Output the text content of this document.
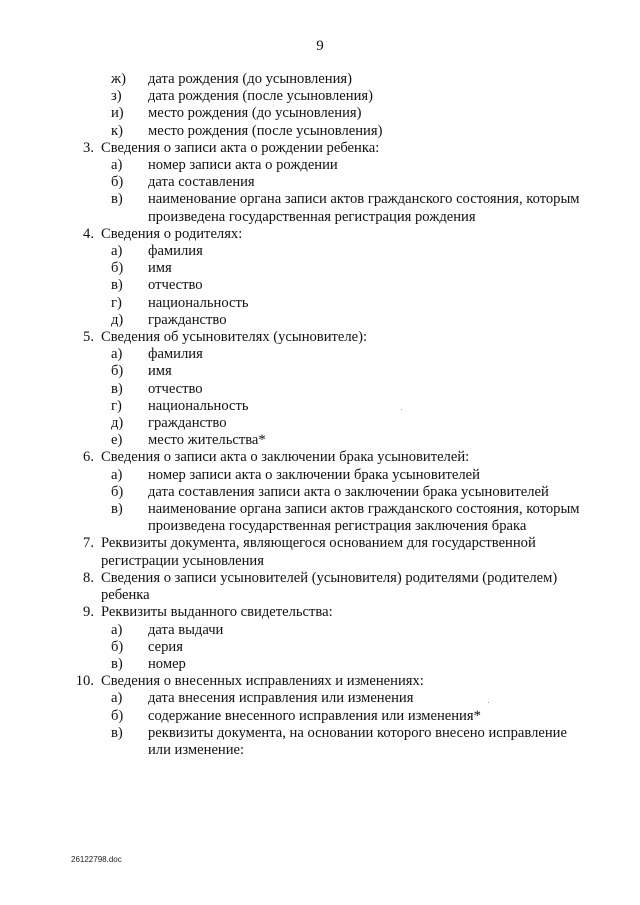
9
ж) дата рождения (до усыновления)
з) дата рождения (после усыновления)
и) место рождения (до усыновления)
к) место рождения (после усыновления)
3. Сведения о записи акта о рождении ребенка:
а) номер записи акта о рождении
б) дата составления
в) наименование органа записи актов гражданского состояния, которым произведена государственная регистрация рождения
4. Сведения о родителях:
а) фамилия
б) имя
в) отчество
г) национальность
д) гражданство
5. Сведения об усыновителях (усыновителе):
а) фамилия
б) имя
в) отчество
г) национальность
д) гражданство
е) место жительства*
6. Сведения о записи акта о заключении брака усыновителей:
а) номер записи акта о заключении брака усыновителей
б) дата составления записи акта о заключении брака усыновителей
в) наименование органа записи актов гражданского состояния, которым произведена государственная регистрация заключения брака
7. Реквизиты документа, являющегося основанием для государственной регистрации усыновления
8. Сведения о записи усыновителей (усыновителя) родителями (родителем) ребенка
9. Реквизиты выданного свидетельства:
а) дата выдачи
б) серия
в) номер
10. Сведения о внесенных исправлениях и изменениях:
а) дата внесения исправления или изменения
б) содержание внесенного исправления или изменения*
в) реквизиты документа, на основании которого внесено исправление или изменение:
26122798.doc
